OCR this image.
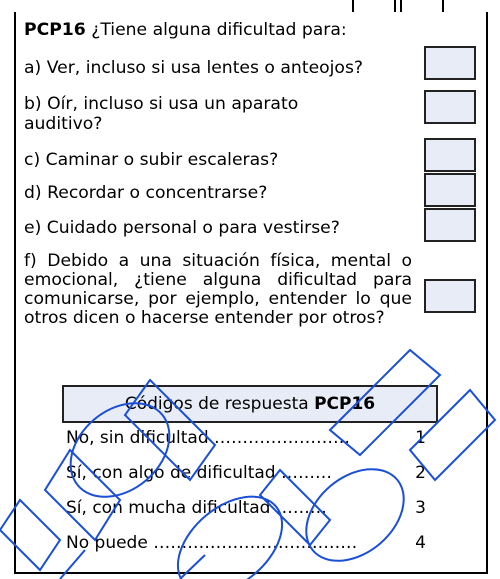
PCP16 ¿Tiene alguna dificultad para:
a) Ver, incluso si usa lentes o anteojos?
b) Oír, incluso si usa un aparato
auditivo?
c) Caminar o subir escaleras?
d) Recordar o concentrarse?
e) Cuidado personal o para vestirse?
f) Debido a una situación física, mental o emocional, ¿tiene alguna dificultad para comunicarse, por ejemplo, entender lo que otros dicen o hacerse entender por otros?
Códigos de respuesta PCP16
No, sin dificultad ……………………	1
Sí, con algo de dificultad ………	2
Sí, con mucha dificultad ………	3
No puede ………………………………	4
